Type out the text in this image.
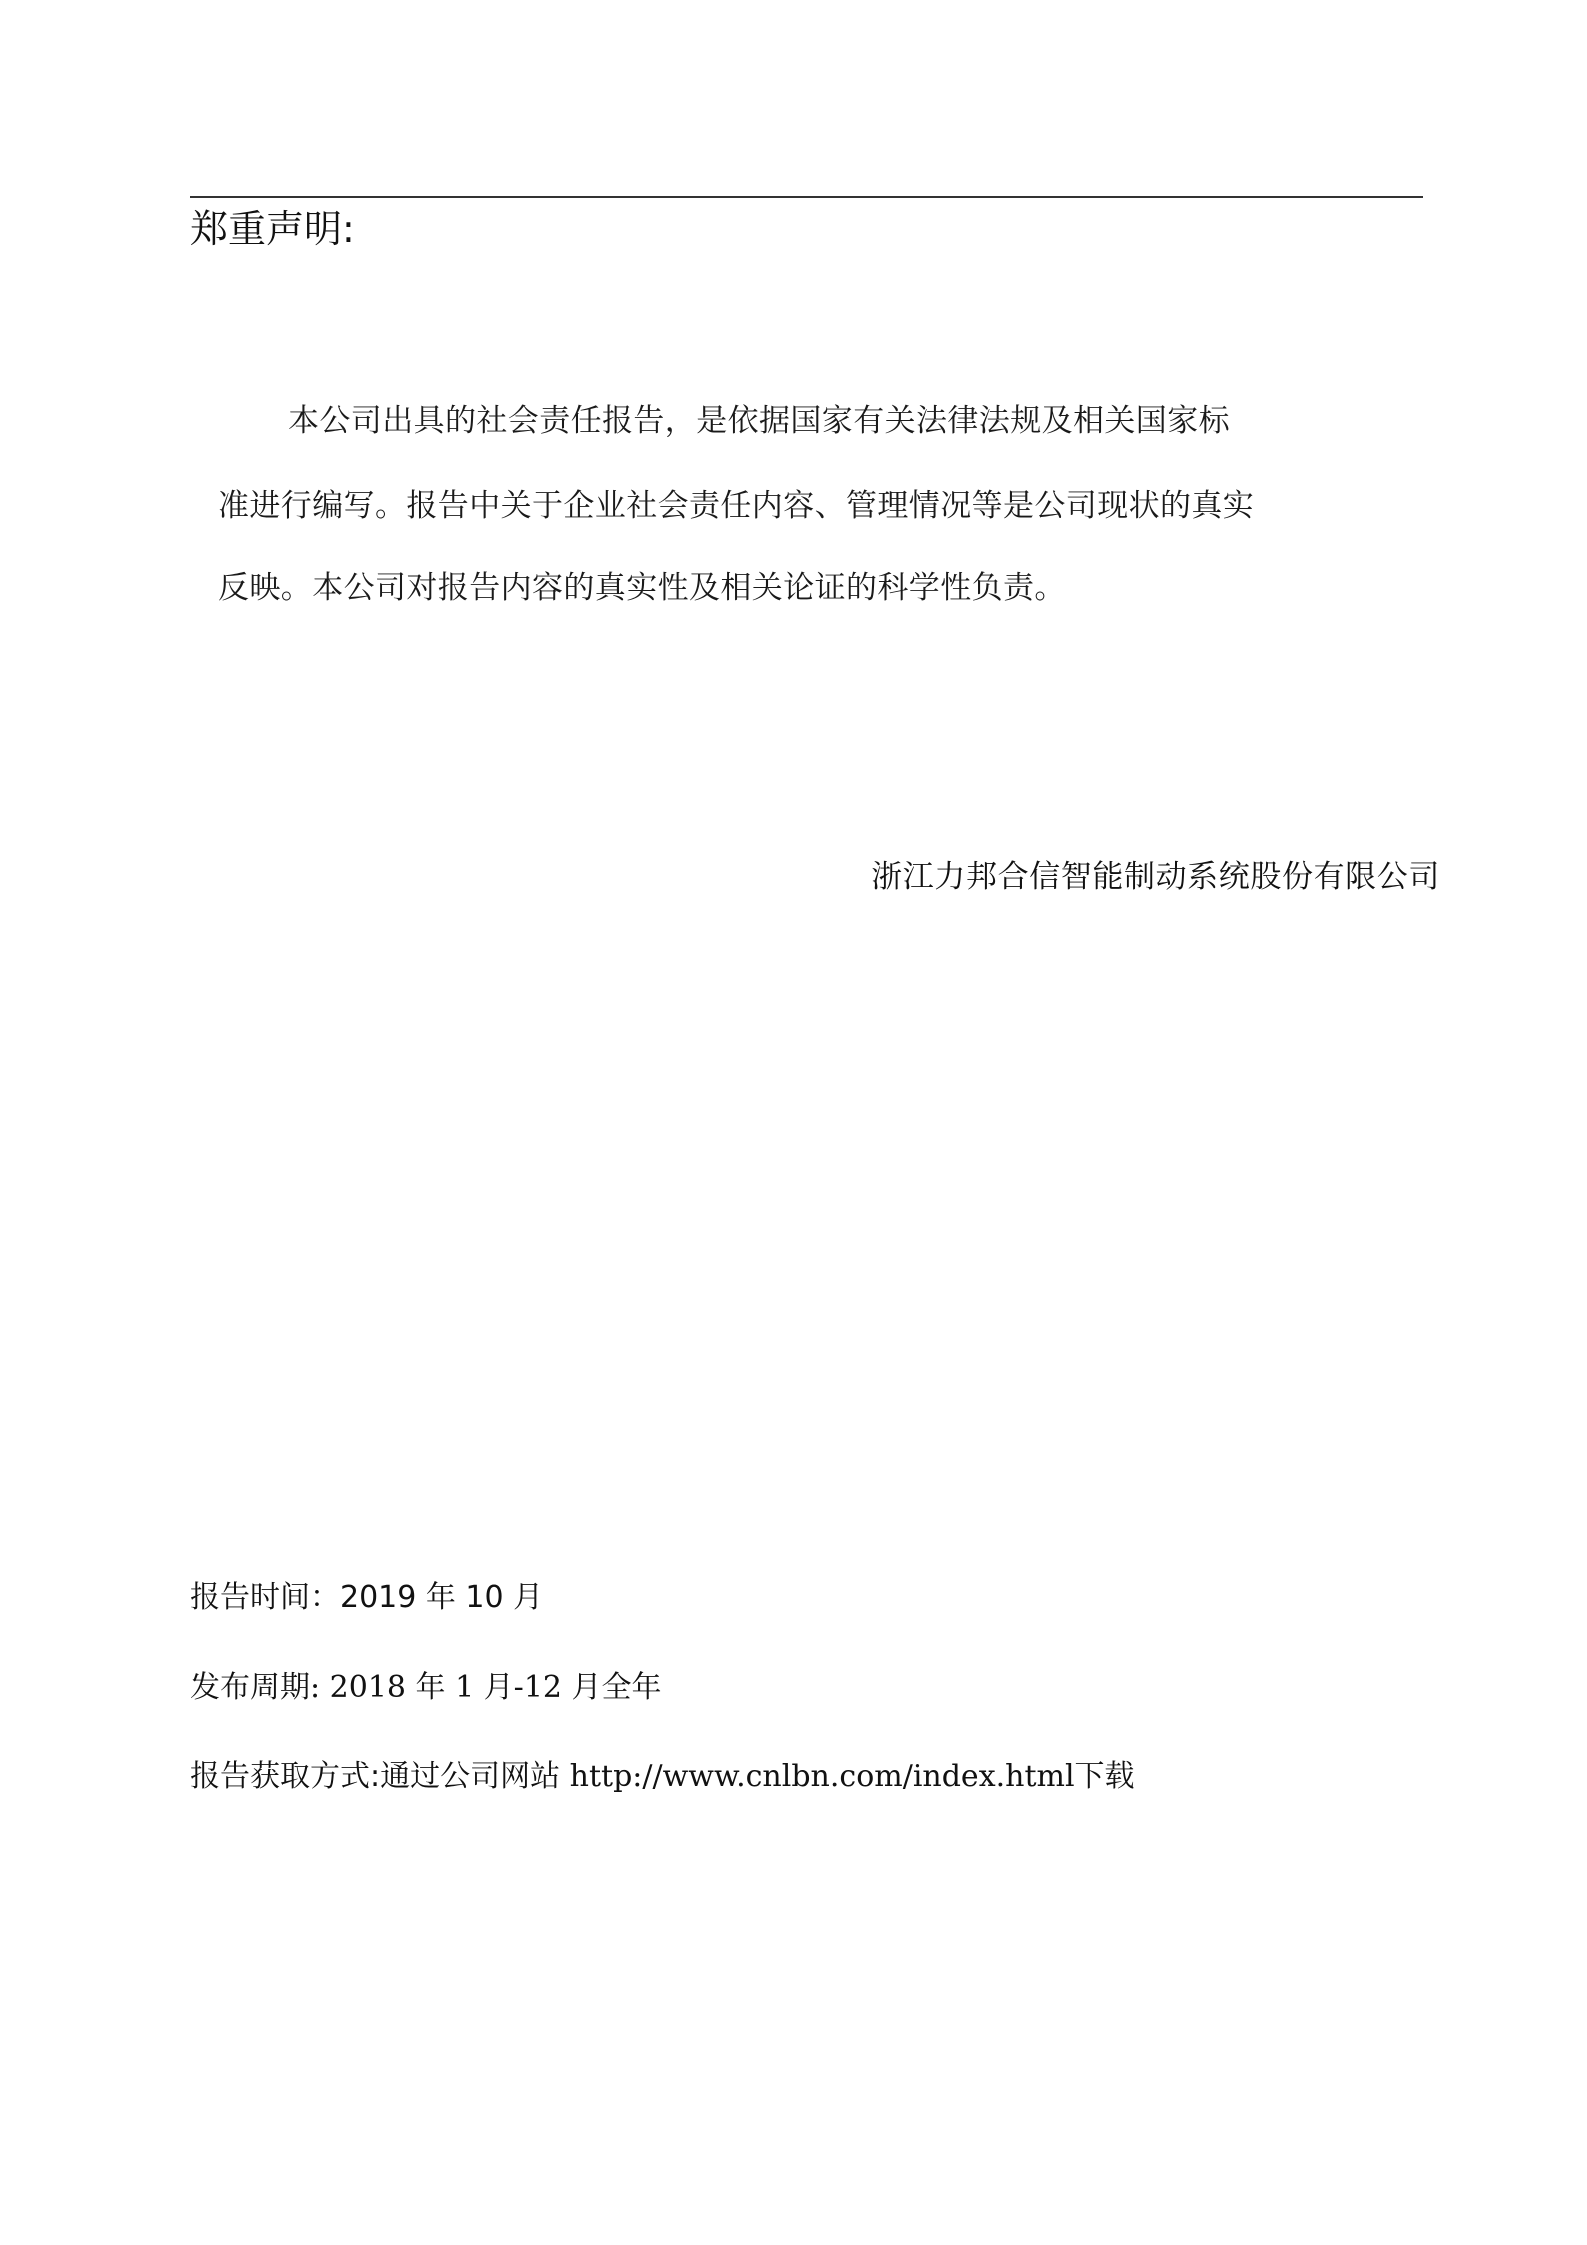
郑重声明:
本公司出具的社会责任报告，是依据国家有关法律法规及相关国家标
准进行编写。报告中关于企业社会责任内容、管理情况等是公司现状的真实
反映。本公司对报告内容的真实性及相关论证的科学性负责。
浙江力邦合信智能制动系统股份有限公司
报告时间：2019 年 10 月
发布周期: 2018 年 1 月-12 月全年
报告获取方式:通过公司网站 http://www.cnlbn.com/index.html下载
